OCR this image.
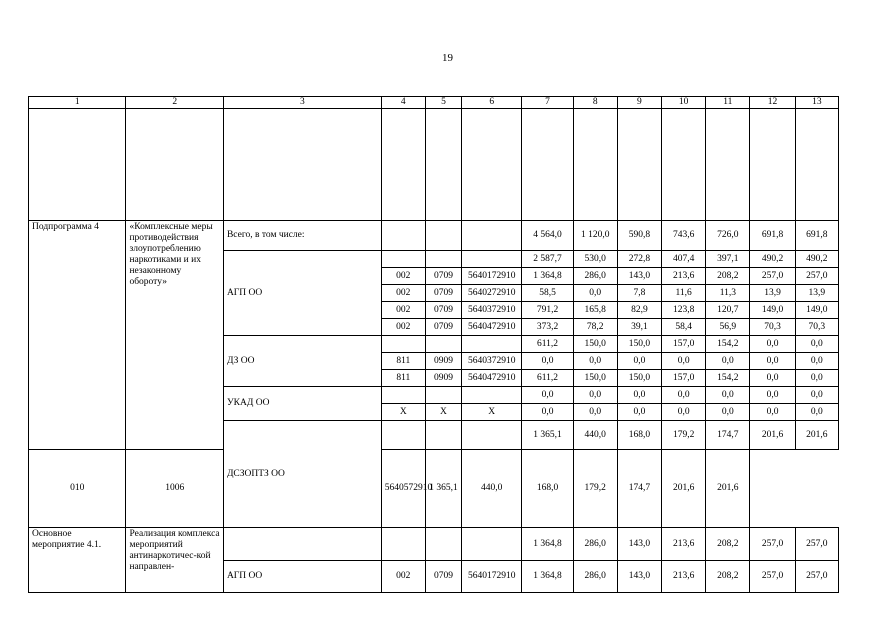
19
1	2	3	4	5	6	7	8	9	10	11	12	13

Подпрограмма 4	«Комплексные меры противодействия злоупотреблению наркотиками и их незаконному обороту»	Всего, в том числе:				4 564,0	1 120,0	590,8	743,6	726,0	691,8	691,8
		АГП ОО				2 587,7	530,0	272,8	407,4	397,1	490,2	490,2
			002	0709	5640172910	1 364,8	286,0	143,0	213,6	208,2	257,0	257,0
			002	0709	5640272910	58,5	0,0	7,8	11,6	11,3	13,9	13,9
			002	0709	5640372910	791,2	165,8	82,9	123,8	120,7	149,0	149,0
			002	0709	5640472910	373,2	78,2	39,1	58,4	56,9	70,3	70,3
		ДЗ ОО				611,2	150,0	150,0	157,0	154,2	0,0	0,0
			811	0909	5640372910	0,0	0,0	0,0	0,0	0,0	0,0	0,0
			811	0909	5640472910	611,2	150,0	150,0	157,0	154,2	0,0	0,0
		УКАД ОО				0,0	0,0	0,0	0,0	0,0	0,0	0,0
			X	X	X	0,0	0,0	0,0	0,0	0,0	0,0	0,0
		ДСЗОПТЗ ОО				1 365,1	440,0	168,0	179,2	174,7	201,6	201,6
010	1006		5640572910	1 365,1	440,0	168,0	179,2	174,7	201,6	201,6		
Основное мероприятие 4.1.	Реализация комплекса мероприятий антинаркотичес-кой направлен-					1 364,8	286,0	143,0	213,6	208,2	257,0	257,0
		АГП ОО	002	0709	5640172910	1 364,8	286,0	143,0	213,6	208,2	257,0	257,0
